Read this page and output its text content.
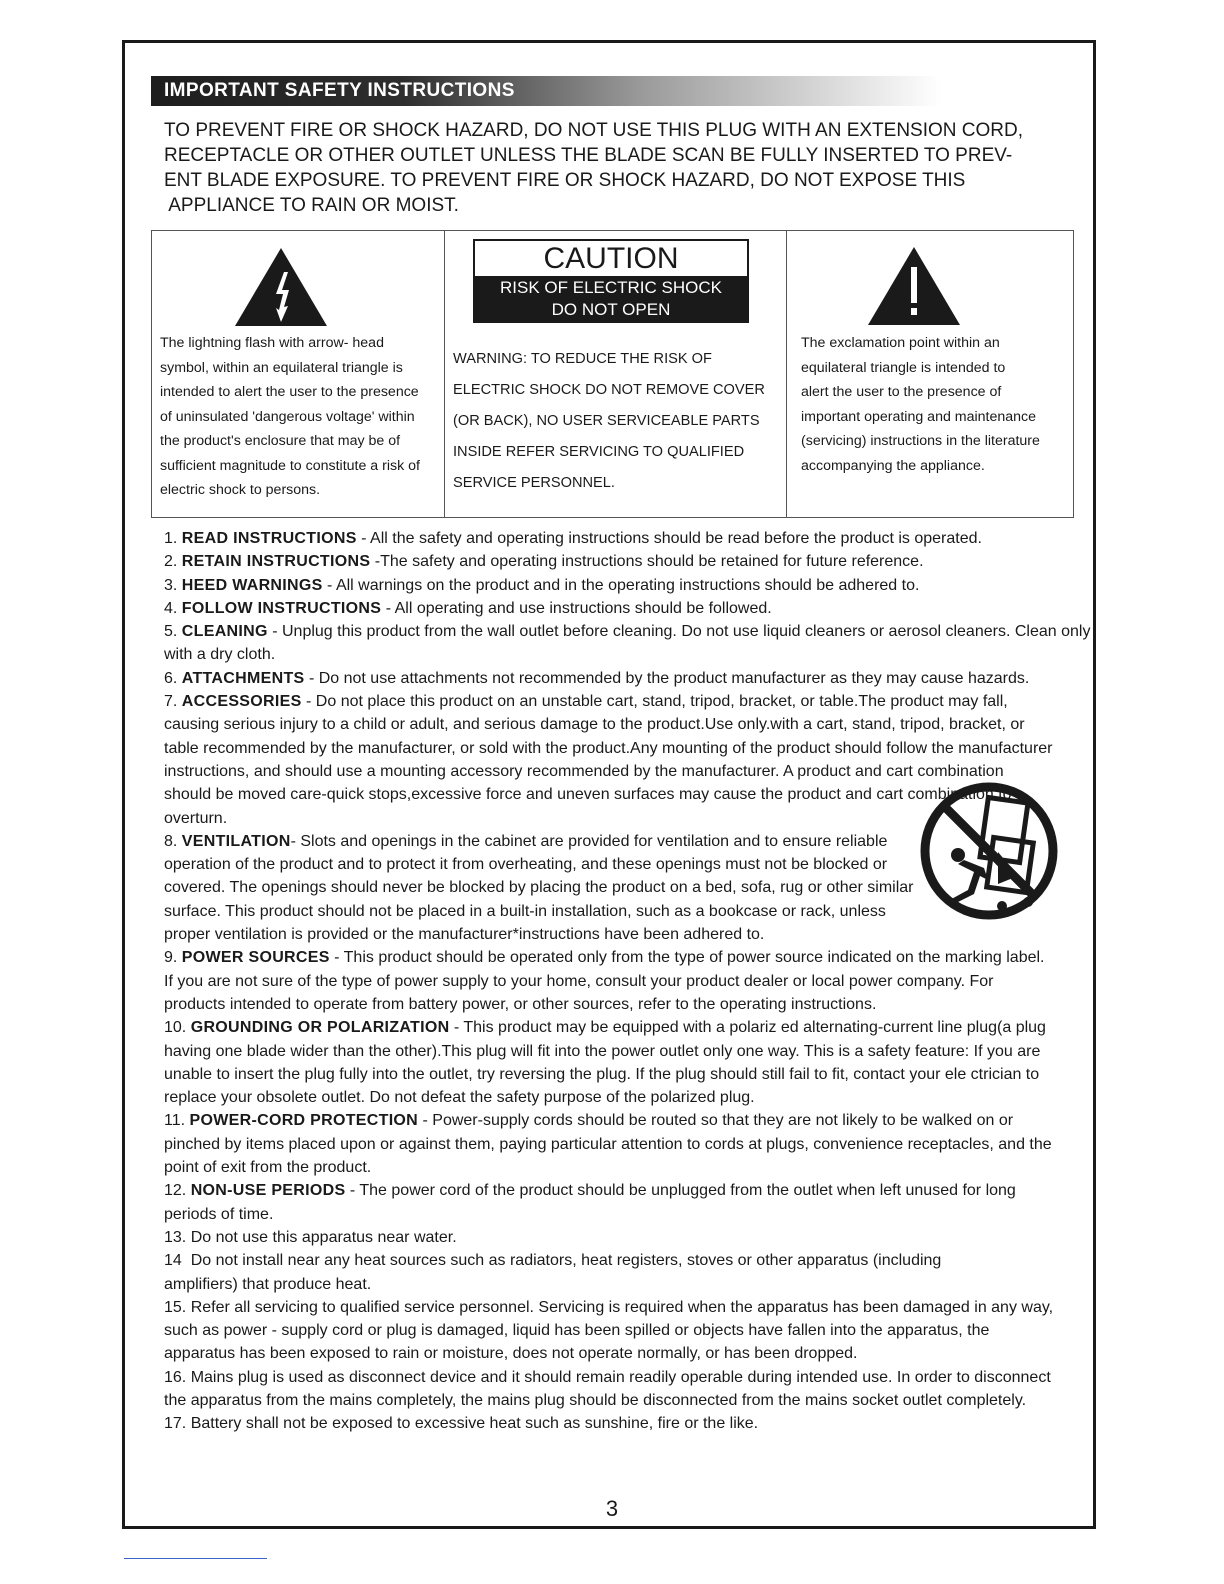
IMPORTANT SAFETY INSTRUCTIONS
TO PREVENT FIRE OR SHOCK HAZARD, DO NOT USE THIS PLUG WITH AN EXTENSION CORD,
RECEPTACLE OR OTHER OUTLET UNLESS THE BLADE SCAN BE FULLY INSERTED TO PREV-
ENT BLADE EXPOSURE. TO PREVENT FIRE OR SHOCK HAZARD, DO NOT EXPOSE THIS
APPLIANCE TO RAIN OR MOIST.
The lightning flash with arrow- head
symbol, within an equilateral triangle is
intended to alert the user to the presence
of uninsulated 'dangerous voltage' within
the product's enclosure that may be of
sufficient magnitude to constitute a risk of
electric shock to persons.
CAUTION
RISK OF ELECTRIC SHOCK
DO NOT OPEN
WARNING: TO REDUCE THE RISK OF
ELECTRIC SHOCK DO NOT REMOVE COVER
(OR BACK), NO USER SERVICEABLE PARTS
INSIDE REFER SERVICING TO QUALIFIED
SERVICE PERSONNEL.
The exclamation point within an
equilateral triangle is intended to
alert the user to the presence of
important operating and maintenance
(servicing) instructions in the literature
accompanying the appliance.

1. READ INSTRUCTIONS - All the safety and operating instructions should be read before the product is operated.

2. RETAIN INSTRUCTIONS -The safety and operating instructions should be retained for future reference.

3. HEED WARNINGS - All warnings on the product and in the operating instructions should be adhered to.

4. FOLLOW INSTRUCTIONS - All operating and use instructions should be followed.

5. CLEANING - Unplug this product from the wall outlet before cleaning. Do not use liquid cleaners or aerosol cleaners. Clean only with a dry cloth.

6. ATTACHMENTS - Do not use attachments not recommended by the product manufacturer as they may cause hazards.

7. ACCESSORIES - Do not place this product on an unstable cart, stand, tripod, bracket, or table.The product may fall, causing serious injury to a child or adult, and serious damage to the product.Use only.with a cart, stand, tripod, bracket, or table recommended by the manufacturer, or sold with the product.Any mounting of the product should follow the manufacturer instructions, and should use a mounting accessory recommended by the manufacturer. A product and cart combination should be moved care-quick stops,excessive force and uneven surfaces may cause the product and cart combination to overturn.

8. VENTILATION- Slots and openings in the cabinet are provided for ventilation and to ensure reliable operation of the product and to protect it from overheating, and these openings must not be blocked or covered. The openings should never be blocked by placing the product on a bed, sofa, rug or other similar surface. This product should not be placed in a built-in installation, such as a bookcase or rack, unless proper ventilation is provided or the manufacturer*instructions have been adhered to.

9. POWER SOURCES - This product should be operated only from the type of power source indicated on the marking label. If you are not sure of the type of power supply to your home, consult your product dealer or local power company. For products intended to operate from battery power, or other sources, refer to the operating instructions.

10. GROUNDING OR POLARIZATION - This product may be equipped with a polariz ed alternating-current line plug(a plug having one blade wider than the other).This plug will fit into the power outlet only one way. This is a safety feature: If you are unable to insert the plug fully into the outlet, try reversing the plug. If the plug should still fail to fit, contact your ele ctrician to replace your obsolete outlet. Do not defeat the safety purpose of the polarized plug.

11. POWER-CORD PROTECTION - Power-supply cords should be routed so that they are not likely to be walked on or pinched by items placed upon or against them, paying particular attention to cords at plugs, convenience receptacles, and the point of exit from the product.

12. NON-USE PERIODS - The power cord of the product should be unplugged from the outlet when left unused for long periods of time.

13. Do not use this apparatus near water.

14  Do not install near any heat sources such as radiators, heat registers, stoves or other apparatus (including amplifiers) that produce heat.

15. Refer all servicing to qualified service personnel. Servicing is required when the apparatus has been damaged in any way, such as power - supply cord or plug is damaged, liquid has been spilled or objects have fallen into the apparatus, the apparatus has been exposed to rain or moisture, does not operate normally, or has been dropped.

16. Mains plug is used as disconnect device and it should remain readily operable during intended use. In order to disconnect the apparatus from the mains completely, the mains plug should be disconnected from the mains socket outlet completely.

17. Battery shall not be exposed to excessive heat such as sunshine, fire or the like.

3
